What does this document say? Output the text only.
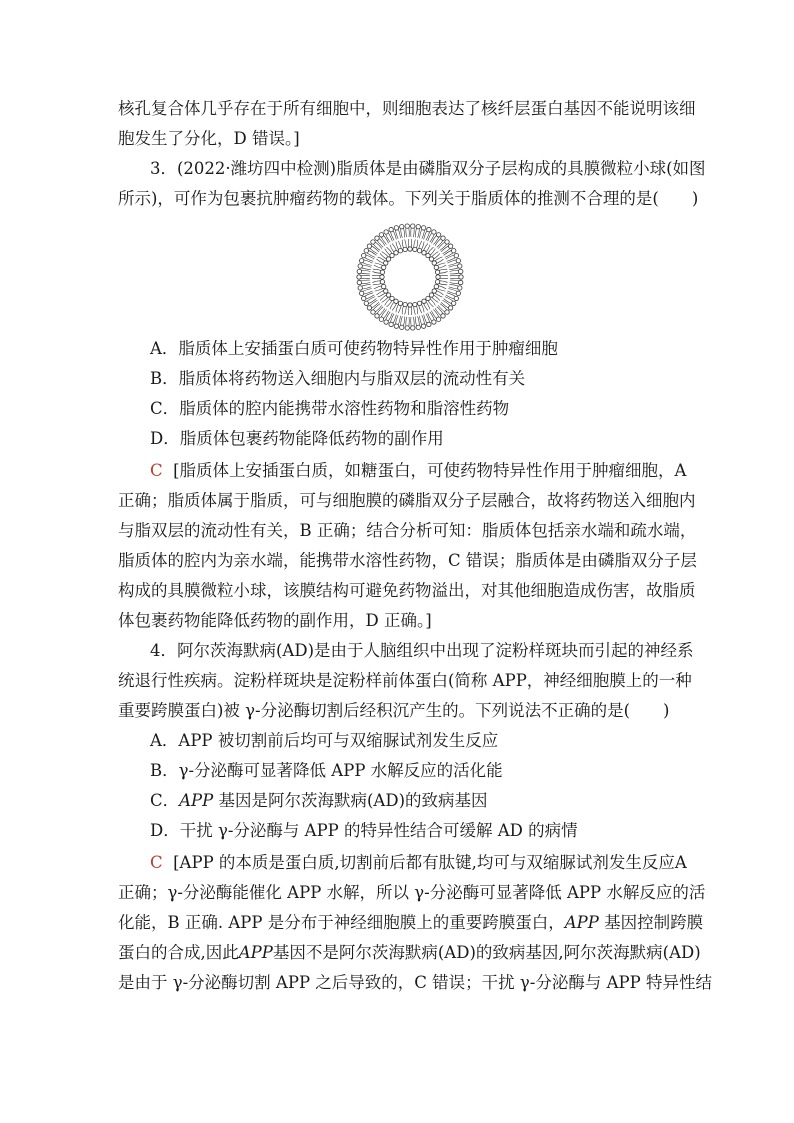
核孔复合体几乎存在于所有细胞中，则细胞表达了核纤层蛋白基因不能说明该细
胞发生了分化，D 错误。]
3．(2022·潍坊四中检测)脂质体是由磷脂双分子层构成的具膜微粒小球(如图
所示)，可作为包裹抗肿瘤药物的载体。下列关于脂质体的推测不合理的是(　　)
A．脂质体上安插蛋白质可使药物特异性作用于肿瘤细胞
B．脂质体将药物送入细胞内与脂双层的流动性有关
C．脂质体的腔内能携带水溶性药物和脂溶性药物
D．脂质体包裹药物能降低药物的副作用
C [脂质体上安插蛋白质，如糖蛋白，可使药物特异性作用于肿瘤细胞，A
正确；脂质体属于脂质，可与细胞膜的磷脂双分子层融合，故将药物送入细胞内
与脂双层的流动性有关，B 正确；结合分析可知：脂质体包括亲水端和疏水端，
脂质体的腔内为亲水端，能携带水溶性药物，C 错误；脂质体是由磷脂双分子层
构成的具膜微粒小球，该膜结构可避免药物溢出，对其他细胞造成伤害，故脂质
体包裹药物能降低药物的副作用，D 正确。]
4．阿尔茨海默病(AD)是由于人脑组织中出现了淀粉样斑块而引起的神经系
统退行性疾病。淀粉样斑块是淀粉样前体蛋白(简称 APP，神经细胞膜上的一种
重要跨膜蛋白)被 γ-分泌酶切割后经积沉产生的。下列说法不正确的是(　　)
A．APP 被切割前后均可与双缩脲试剂发生反应
B．γ-分泌酶可显著降低 APP 水解反应的活化能
C．APP 基因是阿尔茨海默病(AD)的致病基因
D．干扰 γ-分泌酶与 APP 的特异性结合可缓解 AD 的病情
C [APP 的本质是蛋白质,切割前后都有肽键,均可与双缩脲试剂发生反应A
正确；γ-分泌酶能催化 APP 水解，所以 γ-分泌酶可显著降低 APP 水解反应的活
化能，B 正确. APP 是分布于神经细胞膜上的重要跨膜蛋白，APP 基因控制跨膜
蛋白的合成,因此APP基因不是阿尔茨海默病(AD)的致病基因,阿尔茨海默病(AD)
是由于 γ-分泌酶切割 APP 之后导致的，C 错误；干扰 γ-分泌酶与 APP 特异性结
